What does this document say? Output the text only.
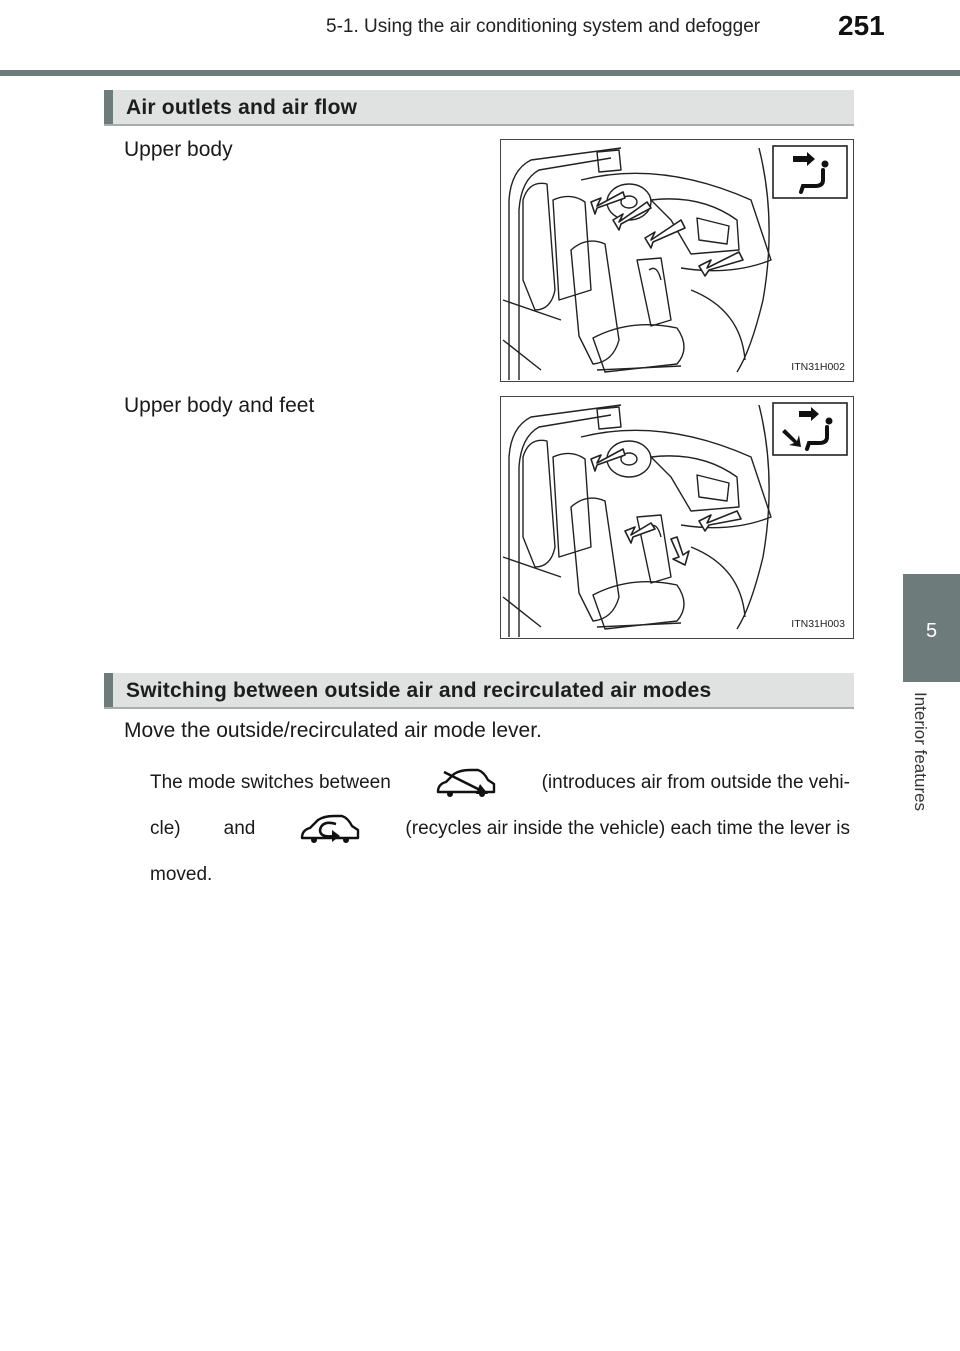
5-1. Using the air conditioning system and defogger	251
5
Interior features
Air outlets and air flow
Upper body
ITN31H002
Upper body and feet
ITN31H003
Switching between outside air and recirculated air modes
Move the outside/recirculated air mode lever.
The mode switches between	(introduces air from outside the vehi-
cle) and	(recycles air inside the vehicle) each time the lever is
moved.
